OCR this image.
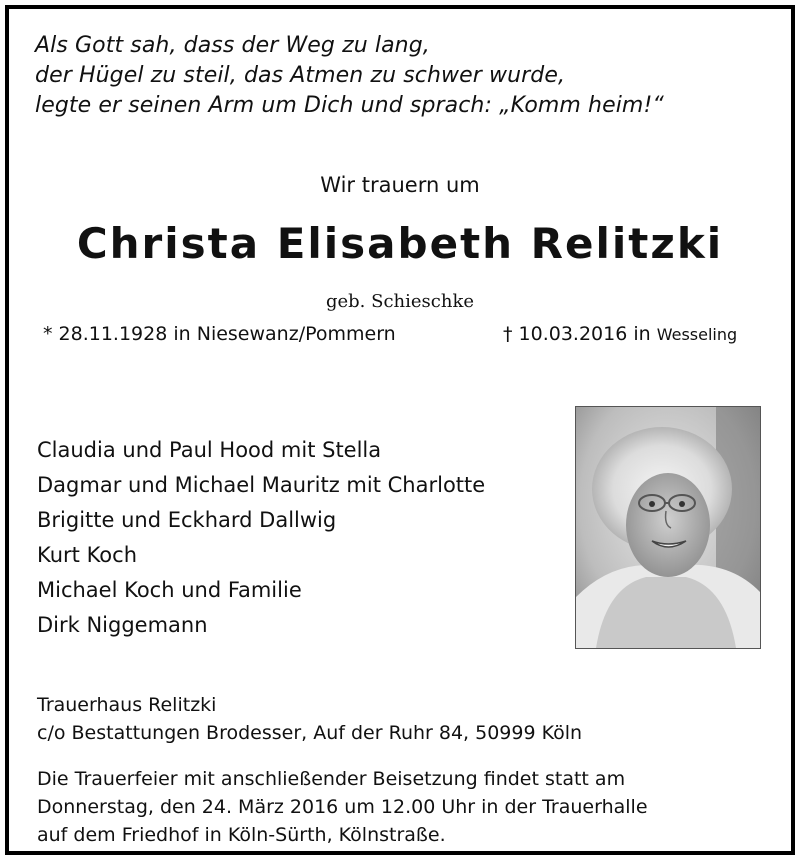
Als Gott sah, dass der Weg zu lang,
der Hügel zu steil, das Atmen zu schwer wurde,
legte er seinen Arm um Dich und sprach: „Komm heim!“
Wir trauern um
Christa Elisabeth Relitzki
geb. Schieschke
* 28.11.1928 in Niesewanz/Pommern	† 10.03.2016 in Wesseling
Claudia und Paul Hood mit Stella
Dagmar und Michael Mauritz mit Charlotte
Brigitte und Eckhard Dallwig
Kurt Koch
Michael Koch und Familie
Dirk Niggemann
Trauerhaus Relitzki
c/o Bestattungen Brodesser, Auf der Ruhr 84, 50999 Köln
Die Trauerfeier mit anschließender Beisetzung findet statt am
Donnerstag, den 24. März 2016 um 12.00 Uhr in der Trauerhalle
auf dem Friedhof in Köln-Sürth, Kölnstraße.
